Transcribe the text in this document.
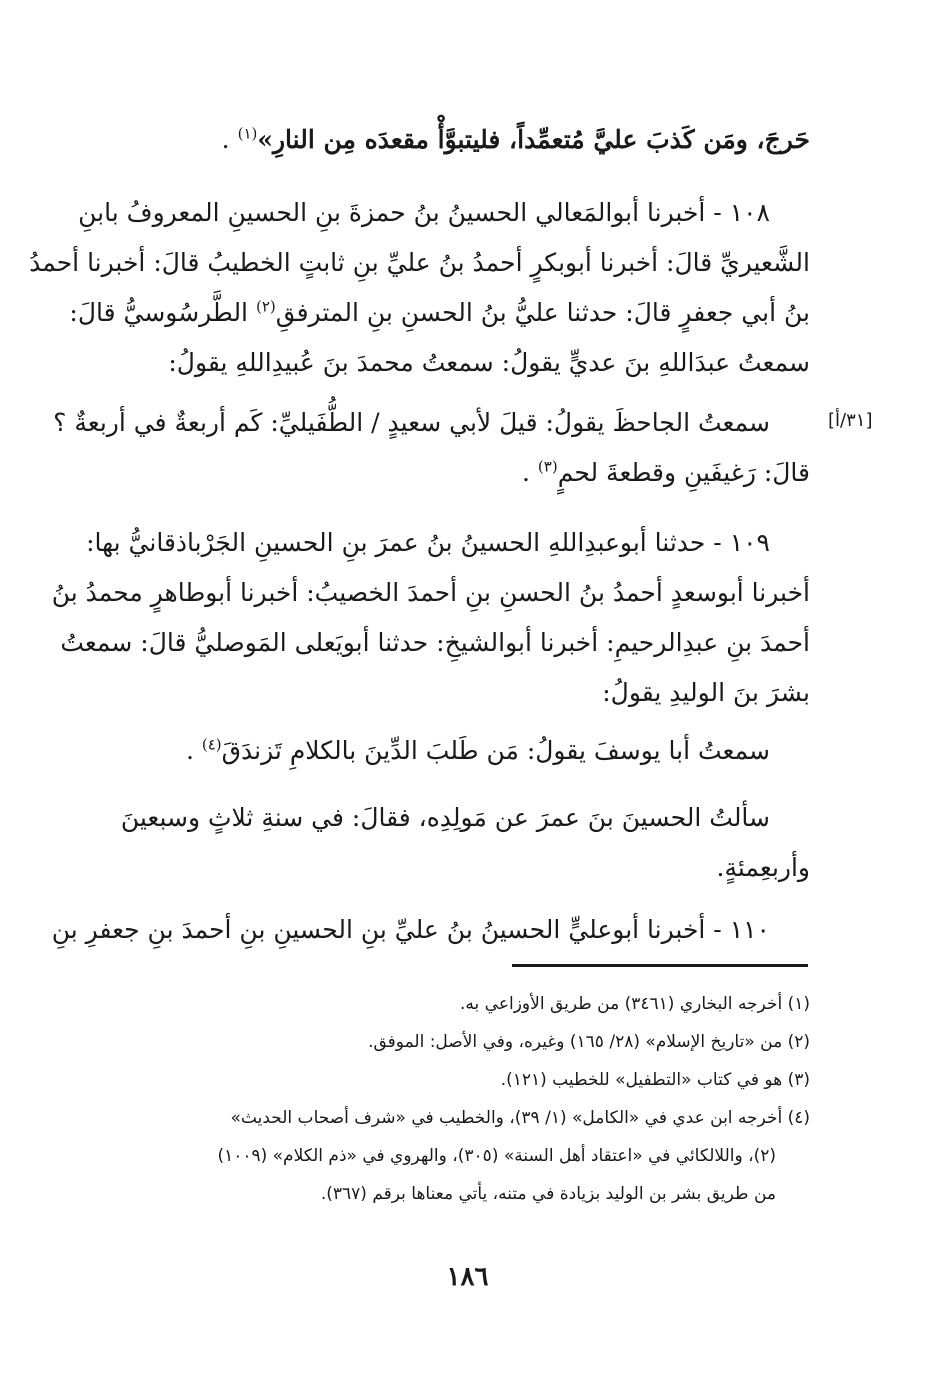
حَرجَ، ومَن كَذبَ عليَّ مُتعمِّداً، فليتبوَّأْ مقعدَه مِن النارِ»$^{(١)}$ .
١٠٨ - أخبرنا أبوالمَعالي الحسينُ بنُ حمزةَ بنِ الحسينِ المعروفُ بابنِ
الشَّعيريِّ قالَ: أخبرنا أبوبكرٍ أحمدُ بنُ عليِّ بنِ ثابتٍ الخطيبُ قالَ: أخبرنا أحمدُ
بنُ أبي جعفرٍ قالَ: حدثنا عليُّ بنُ الحسنِ بنِ المترفقِ$^{(٢)}$ الطَّرسُوسيُّ قالَ:
سمعتُ عبدَاللهِ بنَ عديٍّ يقولُ: سمعتُ محمدَ بنَ عُبيدِاللهِ يقولُ:
[٣١/أ]
سمعتُ الجاحظَ يقولُ: قيلَ لأبي سعيدٍ / الطُّفَيليِّ: كَم أربعةٌ في أربعةٌ ؟
قالَ: رَغيفَينِ وقطعةَ لحمٍ$^{(٣)}$ .
١٠٩ - حدثنا أبوعبدِاللهِ الحسينُ بنُ عمرَ بنِ الحسينِ الجَرْباذقانيُّ بها:
أخبرنا أبوسعدٍ أحمدُ بنُ الحسنِ بنِ أحمدَ الخصيبُ: أخبرنا أبوطاهرٍ محمدُ بنُ
أحمدَ بنِ عبدِالرحيمِ: أخبرنا أبوالشيخِ: حدثنا أبويَعلى المَوصليُّ قالَ: سمعتُ
بشرَ بنَ الوليدِ يقولُ:
سمعتُ أبا يوسفَ يقولُ: مَن طَلبَ الدِّينَ بالكلامِ تَزندَقَ$^{(٤)}$ .
سألتُ الحسينَ بنَ عمرَ عن مَولِدِه، فقالَ: في سنةِ ثلاثٍ وسبعينَ
وأربعِمئةٍ.
١١٠ - أخبرنا أبوعليٍّ الحسينُ بنُ عليِّ بنِ الحسينِ بنِ أحمدَ بنِ جعفرِ بنِ
(١) أخرجه البخاري (٣٤٦١) من طريق الأوزاعي به.
(٢) من «تاريخ الإسلام» (٢٨/ ١٦٥) وغيره، وفي الأصل: الموفق.
(٣) هو في كتاب «التطفيل» للخطيب (١٢١).
(٤) أخرجه ابن عدي في «الكامل» (١/ ٣٩)، والخطيب في «شرف أصحاب الحديث»
(٢)، واللالكائي في «اعتقاد أهل السنة» (٣٠٥)، والهروي في «ذم الكلام» (١٠٠٩)
من طريق بشر بن الوليد بزيادة في متنه، يأتي معناها برقم (٣٦٧).
١٨٦
